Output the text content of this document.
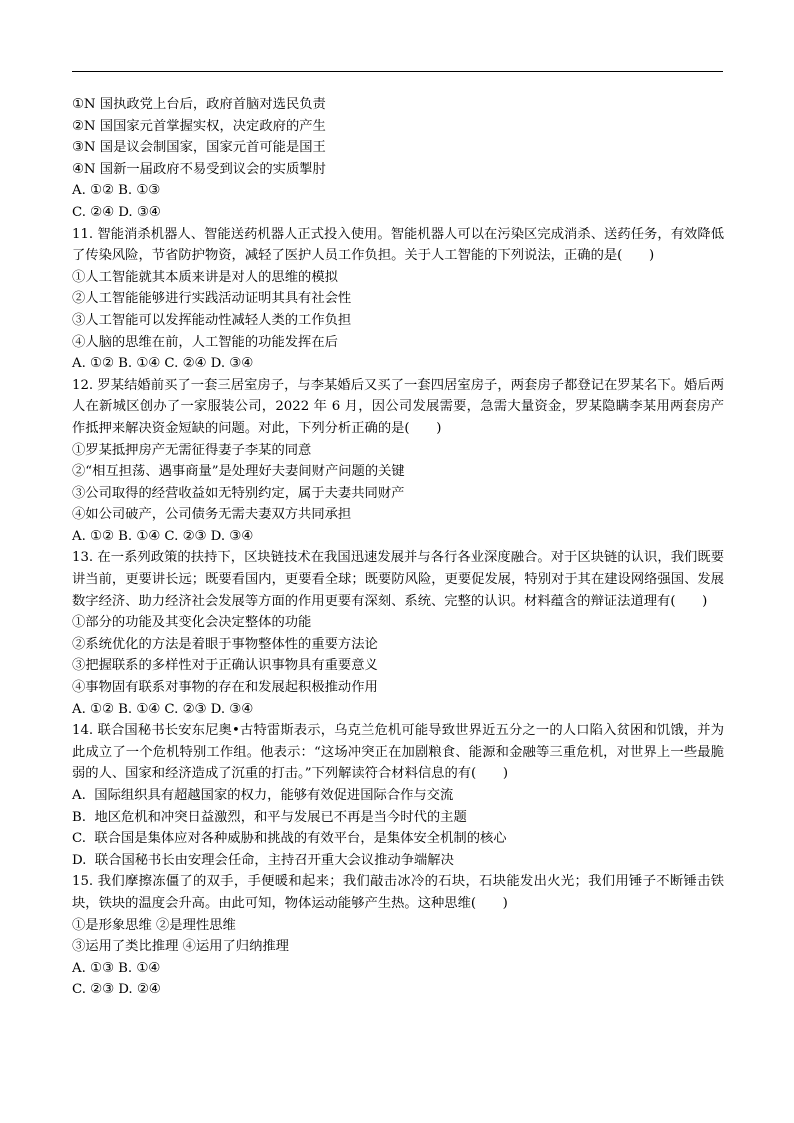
①N 国执政党上台后，政府首脑对选民负责
②N 国国家元首掌握实权，决定政府的产生
③N 国是议会制国家，国家元首可能是国王
④N 国新一届政府不易受到议会的实质掣肘
A. ①② B. ①③
C. ②④ D. ③④
11. 智能消杀机器人、智能送药机器人正式投入使用。智能机器人可以在污染区完成消杀、送药任务，有效降低了传染风险，节省防护物资，减轻了医护人员工作负担。关于人工智能的下列说法，正确的是(　　)
①人工智能就其本质来讲是对人的思维的模拟
②人工智能能够进行实践活动证明其具有社会性
③人工智能可以发挥能动性减轻人类的工作负担
④人脑的思维在前，人工智能的功能发挥在后
A. ①② B. ①④ C. ②④ D. ③④
12. 罗某结婚前买了一套三居室房子，与李某婚后又买了一套四居室房子，两套房子都登记在罗某名下。婚后两人在新城区创办了一家服装公司，2022 年 6 月，因公司发展需要，急需大量资金，罗某隐瞒李某用两套房产作抵押来解决资金短缺的问题。对此，下列分析正确的是(　　)
①罗某抵押房产无需征得妻子李某的同意
②“相互担荡、遇事商量”是处理好夫妻间财产问题的关键
③公司取得的经营收益如无特别约定，属于夫妻共同财产
④如公司破产，公司债务无需夫妻双方共同承担
A. ①② B. ①④ C. ②③ D. ③④
13. 在一系列政策的扶持下，区块链技术在我国迅速发展并与各行各业深度融合。对于区块链的认识，我们既要讲当前，更要讲长远；既要看国内，更要看全球；既要防风险，更要促发展，特别对于其在建设网络强国、发展数字经济、助力经济社会发展等方面的作用更要有深刻、系统、完整的认识。材料蕴含的辩证法道理有(　　)
①部分的功能及其变化会决定整体的功能
②系统优化的方法是着眼于事物整体性的重要方法论
③把握联系的多样性对于正确认识事物具有重要意义
④事物固有联系对事物的存在和发展起积极推动作用
A. ①② B. ①④ C. ②③ D. ③④
14. 联合国秘书长安东尼奥•古特雷斯表示，乌克兰危机可能导致世界近五分之一的人口陷入贫困和饥饿，并为此成立了一个危机特别工作组。他表示：“这场冲突正在加剧粮食、能源和金融等三重危机，对世界上一些最脆弱的人、国家和经济造成了沉重的打击。”下列解读符合材料信息的有(　　)
A.  国际组织具有超越国家的权力，能够有效促进国际合作与交流
B.  地区危机和冲突日益激烈，和平与发展已不再是当今时代的主题
C.  联合国是集体应对各种威胁和挑战的有效平台，是集体安全机制的核心
D.  联合国秘书长由安理会任命，主持召开重大会议推动争端解决
15. 我们摩擦冻僵了的双手，手便暖和起来；我们敲击冰冷的石块，石块能发出火光；我们用锤子不断锤击铁块，铁块的温度会升高。由此可知，物体运动能够产生热。这种思维(　　)
①是形象思维 ②是理性思维
③运用了类比推理 ④运用了归纳推理
A. ①③ B. ①④
C. ②③ D. ②④
